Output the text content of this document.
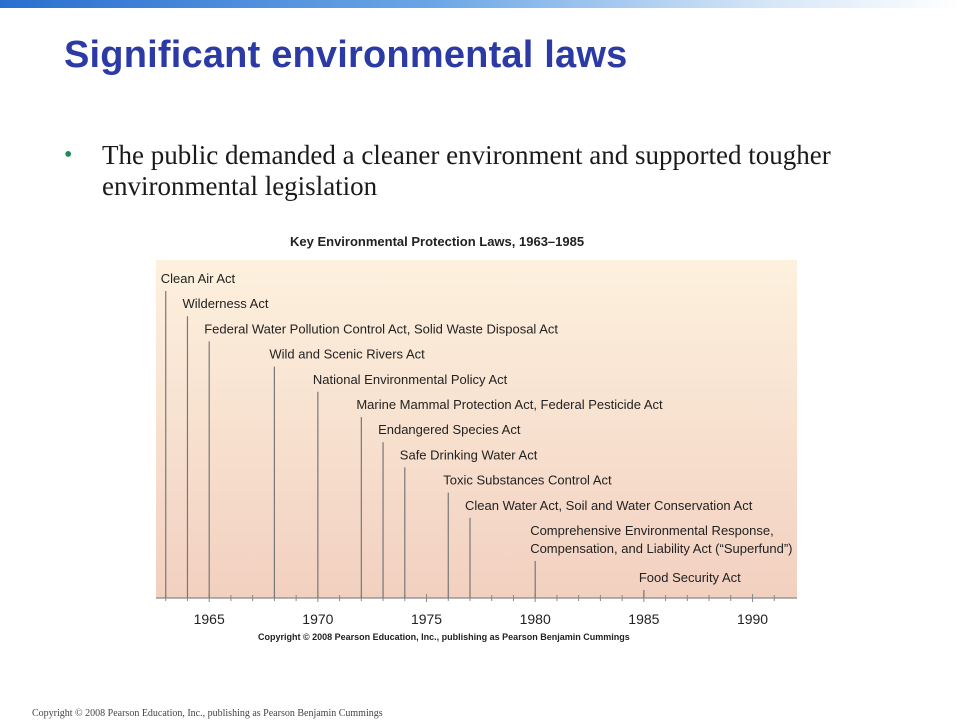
Significant environmental laws
• The public demanded a cleaner environment and supported tougher environmental legislation
Key Environmental Protection Laws, 1963–1985
1965	1970	1975	1980	1985	1990
Clean Air Act
Wilderness Act
Federal Water Pollution Control Act, Solid Waste Disposal Act
Wild and Scenic Rivers Act
National Environmental Policy Act
Marine Mammal Protection Act, Federal Pesticide Act
Endangered Species Act
Safe Drinking Water Act
Toxic Substances Control Act
Clean Water Act, Soil and Water Conservation Act
Comprehensive Environmental Response,
Compensation, and Liability Act (“Superfund”)
Food Security Act
Copyright © 2008 Pearson Education, Inc., publishing as Pearson Benjamin Cummings
Copyright © 2008 Pearson Education, Inc., publishing as Pearson Benjamin Cummings
